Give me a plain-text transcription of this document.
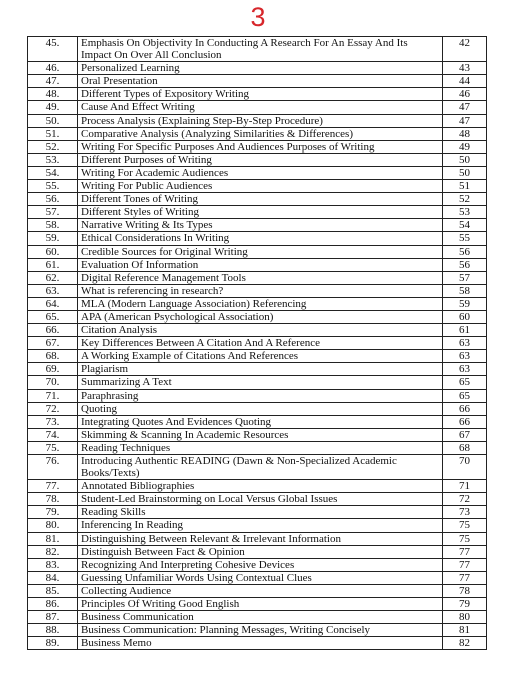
3
45.	Emphasis On Objectivity In Conducting A Research For An Essay And Its Impact On Over All Conclusion	42
46.	Personalized Learning	43
47.	Oral Presentation	44
48.	Different Types of Expository Writing	46
49.	Cause And Effect Writing	47
50.	Process Analysis (Explaining Step-By-Step Procedure)	47
51.	Comparative Analysis (Analyzing Similarities & Differences)	48
52.	Writing For Specific Purposes And Audiences Purposes of Writing	49
53.	Different Purposes of Writing	50
54.	Writing For Academic Audiences	50
55.	Writing For Public Audiences	51
56.	Different Tones of Writing	52
57.	Different Styles of Writing	53
58.	Narrative Writing & Its Types	54
59.	Ethical Considerations In Writing	55
60.	Credible Sources for Original Writing	56
61.	Evaluation Of Information	56
62.	Digital Reference Management Tools	57
63.	What is referencing in research?	58
64.	MLA (Modern Language Association) Referencing	59
65.	APA (American Psychological Association)	60
66.	Citation Analysis	61
67.	Key Differences Between A Citation And A Reference	63
68.	A Working Example of Citations And References	63
69.	Plagiarism	63
70.	Summarizing A Text	65
71.	Paraphrasing	65
72.	Quoting	66
73.	Integrating Quotes And Evidences Quoting	66
74.	Skimming & Scanning In Academic Resources	67
75.	Reading Techniques	68
76.	Introducing Authentic READING (Dawn & Non-Specialized Academic Books/Texts)	70
77.	Annotated Bibliographies	71
78.	Student-Led Brainstorming on Local Versus Global Issues	72
79.	Reading Skills	73
80.	Inferencing In Reading	75
81.	Distinguishing Between Relevant & Irrelevant Information	75
82.	Distinguish Between Fact & Opinion	77
83.	Recognizing And Interpreting Cohesive Devices	77
84.	Guessing Unfamiliar Words Using Contextual Clues	77
85.	Collecting Audience	78
86.	Principles Of Writing Good English	79
87.	Business Communication	80
88.	Business Communication: Planning Messages, Writing Concisely	81
89.	Business Memo	82
